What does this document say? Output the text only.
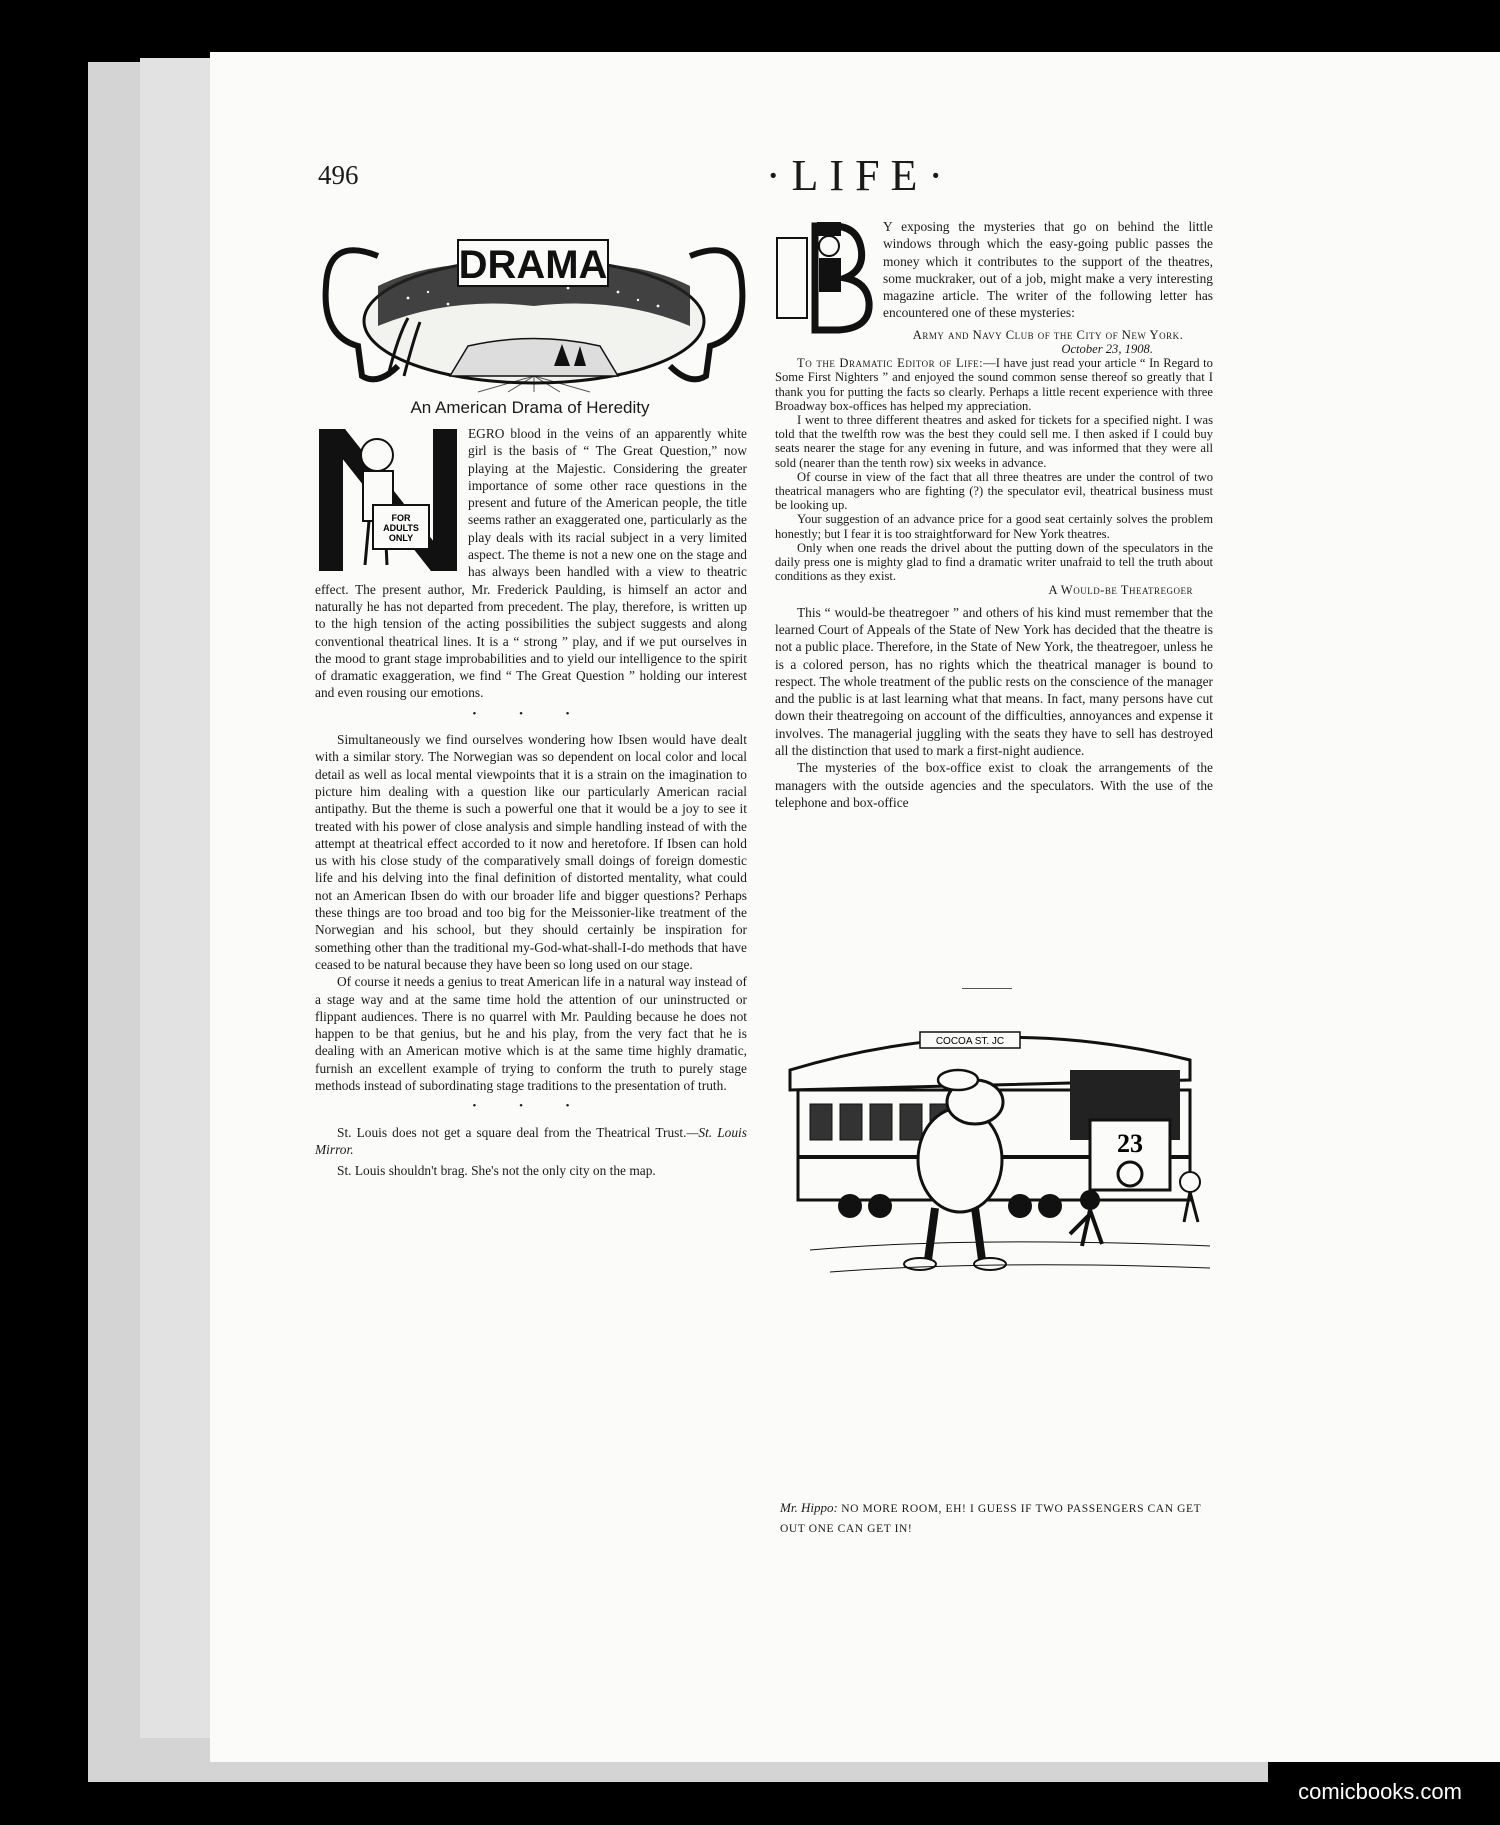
496	·LIFE·
DRAMA
An American Drama of Heredity
FOR
ADULTS
ONLY

EGRO blood in the veins of an apparently white girl is the basis of “ The Great Question,” now playing at the Majestic. Considering the greater importance of some other race questions in the present and future of the American people, the title seems rather an exaggerated one, particularly as the play deals with its racial subject in a very limited aspect. The theme is not a new one on the stage and has always been handled with a view to theatric effect. The present author, Mr. Frederick Paulding, is himself an actor and naturally he has not departed from precedent. The play, therefore, is written up to the high tension of the acting possibilities the subject suggests and along conventional theatrical lines. It is a “ strong ” play, and if we put ourselves in the mood to grant stage improbabilities and to yield our intelligence to the spirit of dramatic exaggeration, we find “ The Great Question ” holding our interest and even rousing our emotions.

• • •

Simultaneously we find ourselves wondering how Ibsen would have dealt with a similar story. The Norwegian was so dependent on local color and local detail as well as local mental viewpoints that it is a strain on the imagination to picture him dealing with a question like our particularly American racial antipathy. But the theme is such a powerful one that it would be a joy to see it treated with his power of close analysis and simple handling instead of with the attempt at theatrical effect accorded to it now and heretofore. If Ibsen can hold us with his close study of the comparatively small doings of foreign domestic life and his delving into the final definition of distorted mentality, what could not an American Ibsen do with our broader life and bigger questions? Perhaps these things are too broad and too big for the Meissonier-like treatment of the Norwegian and his school, but they should certainly be inspiration for something other than the traditional my-God-what-shall-I-do methods that have ceased to be natural because they have been so long used on our stage.

Of course it needs a genius to treat American life in a natural way instead of a stage way and at the same time hold the attention of our uninstructed or flippant audiences. There is no quarrel with Mr. Paulding because he does not happen to be that genius, but he and his play, from the very fact that he is dealing with an American motive which is at the same time highly dramatic, furnish an excellent example of trying to conform the truth to purely stage methods instead of subordinating stage traditions to the presentation of truth.

• • •

St. Louis does not get a square deal from the Theatrical Trust.—St. Louis Mirror.

St. Louis shouldn't brag. She's not the only city on the map.

Y exposing the mysteries that go on behind the little windows through which the easy-going public passes the money which it contributes to the support of the theatres, some muckraker, out of a job, might make a very interesting magazine article. The writer of the following letter has encountered one of these mysteries:

Army and Navy Club of the City of New York.
October 23, 1908.

To the Dramatic Editor of Life:—I have just read your article “ In Regard to Some First Nighters ” and enjoyed the sound common sense thereof so greatly that I thank you for putting the facts so clearly. Perhaps a little recent experience with three Broadway box-offices has helped my appreciation.

I went to three different theatres and asked for tickets for a specified night. I was told that the twelfth row was the best they could sell me. I then asked if I could buy seats nearer the stage for any evening in future, and was informed that they were all sold (nearer than the tenth row) six weeks in advance.

Of course in view of the fact that all three theatres are under the control of two theatrical managers who are fighting (?) the speculator evil, theatrical business must be looking up.

Your suggestion of an advance price for a good seat certainly solves the problem honestly; but I fear it is too straightforward for New York theatres.

Only when one reads the drivel about the putting down of the speculators in the daily press one is mighty glad to find a dramatic writer unafraid to tell the truth about conditions as they exist.

A Would-be Theatregoer

This “ would-be theatregoer ” and others of his kind must remember that the learned Court of Appeals of the State of New York has decided that the theatre is not a public place. Therefore, in the State of New York, the theatregoer, unless he is a colored person, has no rights which the theatrical manager is bound to respect. The whole treatment of the public rests on the conscience of the manager and the public is at last learning what that means. In fact, many persons have cut down their theatregoing on account of the difficulties, annoyances and expense it involves. The managerial juggling with the seats they have to sell has destroyed all the distinction that used to mark a first-night audience.

The mysteries of the box-office exist to cloak the arrangements of the managers with the outside agencies and the speculators. With the use of the telephone and box-office

COCOA ST. JC
23
Mr. Hippo: NO MORE ROOM, EH! I GUESS IF TWO PASSENGERS CAN GET OUT ONE CAN GET IN!
comicbooks.com
